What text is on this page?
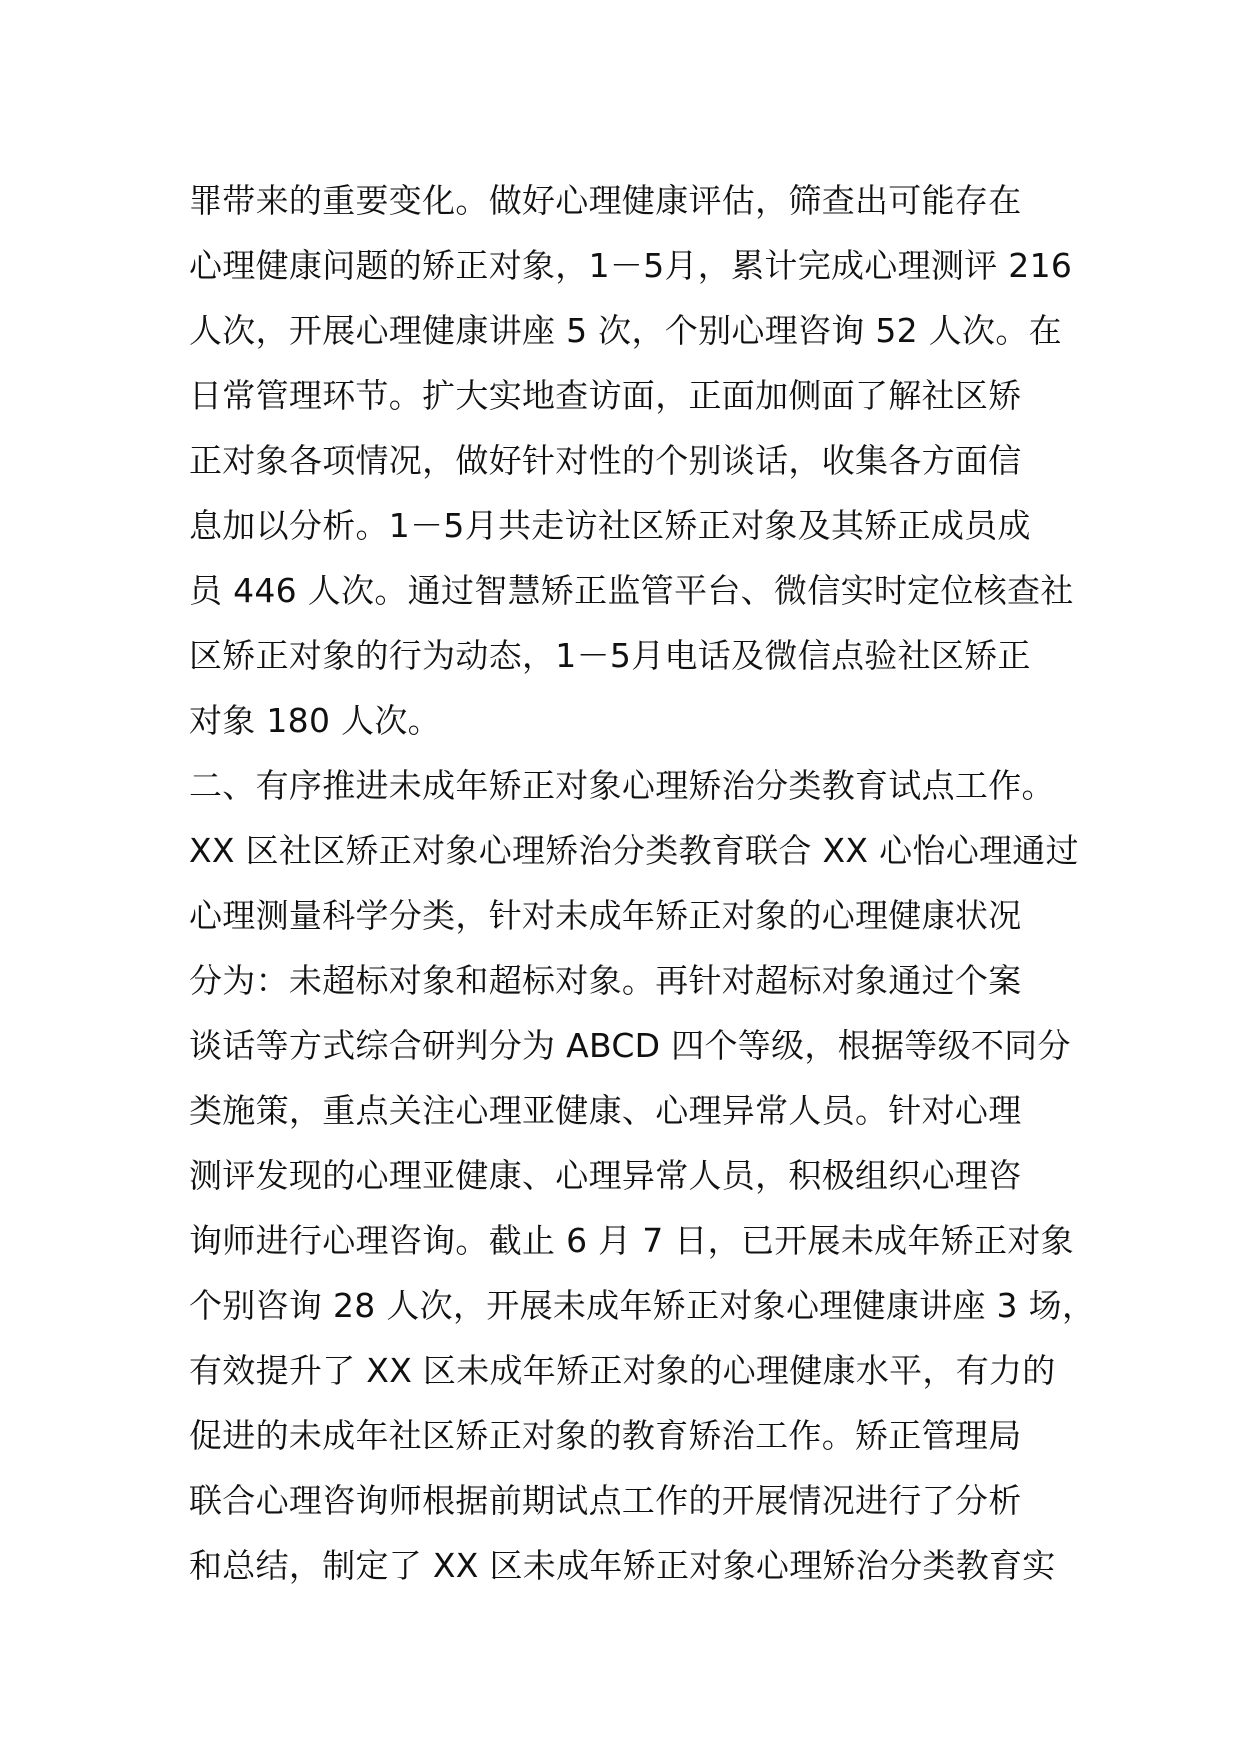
罪带来的重要变化。做好心理健康评估，筛查出可能存在
心理健康问题的矫正对象，1－5月，累计完成心理测评 216
人次，开展心理健康讲座 5 次，个别心理咨询 52 人次。在
日常管理环节。扩大实地查访面，正面加侧面了解社区矫
正对象各项情况，做好针对性的个别谈话，收集各方面信
息加以分析。1－5月共走访社区矫正对象及其矫正成员成
员 446 人次。通过智慧矫正监管平台、微信实时定位核查社
区矫正对象的行为动态，1－5月电话及微信点验社区矫正
对象 180 人次。
二、有序推进未成年矫正对象心理矫治分类教育试点工作。
XX 区社区矫正对象心理矫治分类教育联合 XX 心怡心理通过
心理测量科学分类，针对未成年矫正对象的心理健康状况
分为：未超标对象和超标对象。再针对超标对象通过个案
谈话等方式综合研判分为 ABCD 四个等级，根据等级不同分
类施策，重点关注心理亚健康、心理异常人员。针对心理
测评发现的心理亚健康、心理异常人员，积极组织心理咨
询师进行心理咨询。截止 6 月 7 日，已开展未成年矫正对象
个别咨询 28 人次，开展未成年矫正对象心理健康讲座 3 场，
有效提升了 XX 区未成年矫正对象的心理健康水平，有力的
促进的未成年社区矫正对象的教育矫治工作。矫正管理局
联合心理咨询师根据前期试点工作的开展情况进行了分析
和总结，制定了 XX 区未成年矫正对象心理矫治分类教育实
